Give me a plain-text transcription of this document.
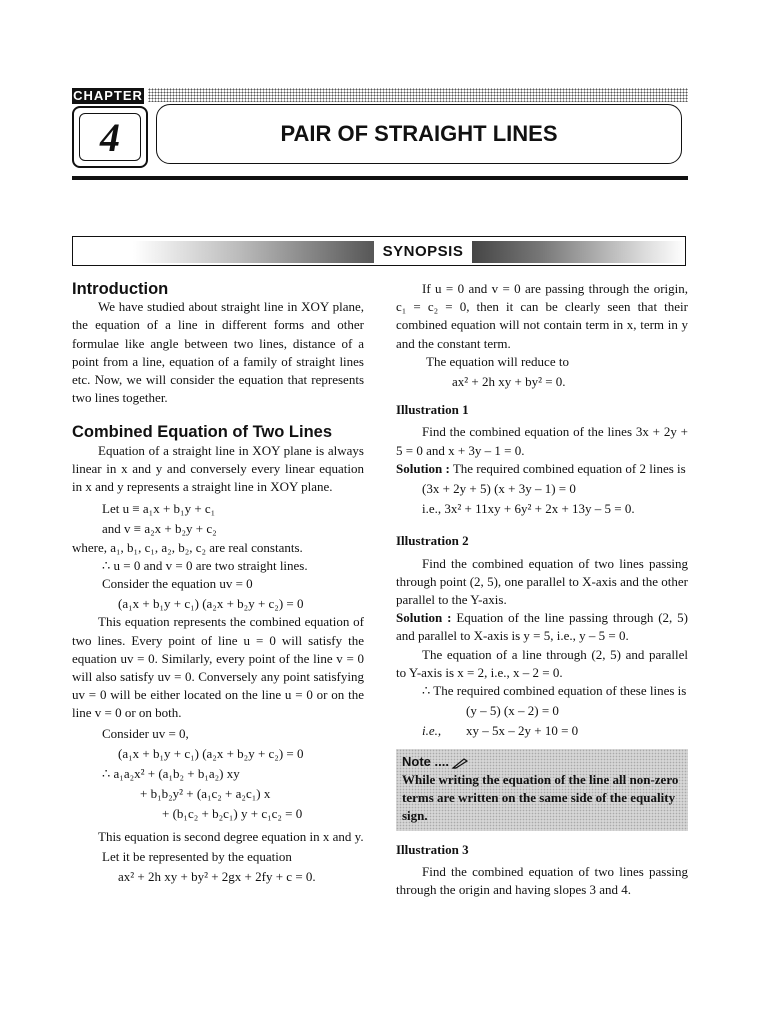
CHAPTER
4	PAIR OF STRAIGHT LINES
SYNOPSIS

Introduction

We have studied about straight line in XOY plane, the equation of a line in different forms and other formulae like angle between two lines, distance of a point from a line, equation of a family of straight lines etc. Now, we will consider the equation that represents two lines together.

Combined Equation of Two Lines

Equation of a straight line in XOY plane is always linear in x and y and conversely every linear equation in x and y represents a straight line in XOY plane.

Let u ≡ a₁x + b₁y + c₁

and v ≡ a₂x + b₂y + c₂

where, a₁, b₁, c₁, a₂, b₂, c₂ are real constants.

∴ u = 0 and v = 0 are two straight lines.

Consider the equation uv = 0

(a₁x + b₁y + c₁) (a₂x + b₂y + c₂) = 0

This equation represents the combined equation of two lines. Every point of line u = 0 will satisfy the equation uv = 0. Similarly, every point of the line v = 0 will also satisfy uv = 0. Conversely any point satisfying uv = 0 will be either located on the line u = 0 or on the line v = 0 or on both.

Consider uv = 0,

(a₁x + b₁y + c₁) (a₂x + b₂y + c₂) = 0

∴ a₁a₂x² + (a₁b₂ + b₁a₂) xy

+ b₁b₂y² + (a₁c₂ + a₂c₁) x

+ (b₁c₂ + b₂c₁) y + c₁c₂ = 0

This equation is second degree equation in x and y.

Let it be represented by the equation

ax² + 2h xy + by² + 2gx + 2fy + c = 0.

If u = 0 and v = 0 are passing through the origin, c₁ = c₂ = 0, then it can be clearly seen that their combined equation will not contain term in x, term in y and the constant term.

The equation will reduce to

ax² + 2h xy + by² = 0.

Illustration 1

Find the combined equation of the lines 3x + 2y + 5 = 0 and x + 3y – 1 = 0.

Solution : The required combined equation of 2 lines is

(3x + 2y + 5) (x + 3y – 1) = 0

i.e., 3x² + 11xy + 6y² + 2x + 13y – 5 = 0.

Illustration 2

Find the combined equation of two lines passing through point (2, 5), one parallel to X-axis and the other parallel to the Y-axis.

Solution : Equation of the line passing through (2, 5) and parallel to X-axis is y = 5, i.e., y – 5 = 0.

The equation of a line through (2, 5) and parallel to Y-axis is x = 2, i.e., x – 2 = 0.

∴ The required combined equation of these lines is

(y – 5) (x – 2) = 0

i.e., xy – 5x – 2y + 10 = 0

Note ....
While writing the equation of the line all non-zero terms are written on the same side of the equality sign.

Illustration 3

Find the combined equation of two lines passing through the origin and having slopes 3 and 4.
